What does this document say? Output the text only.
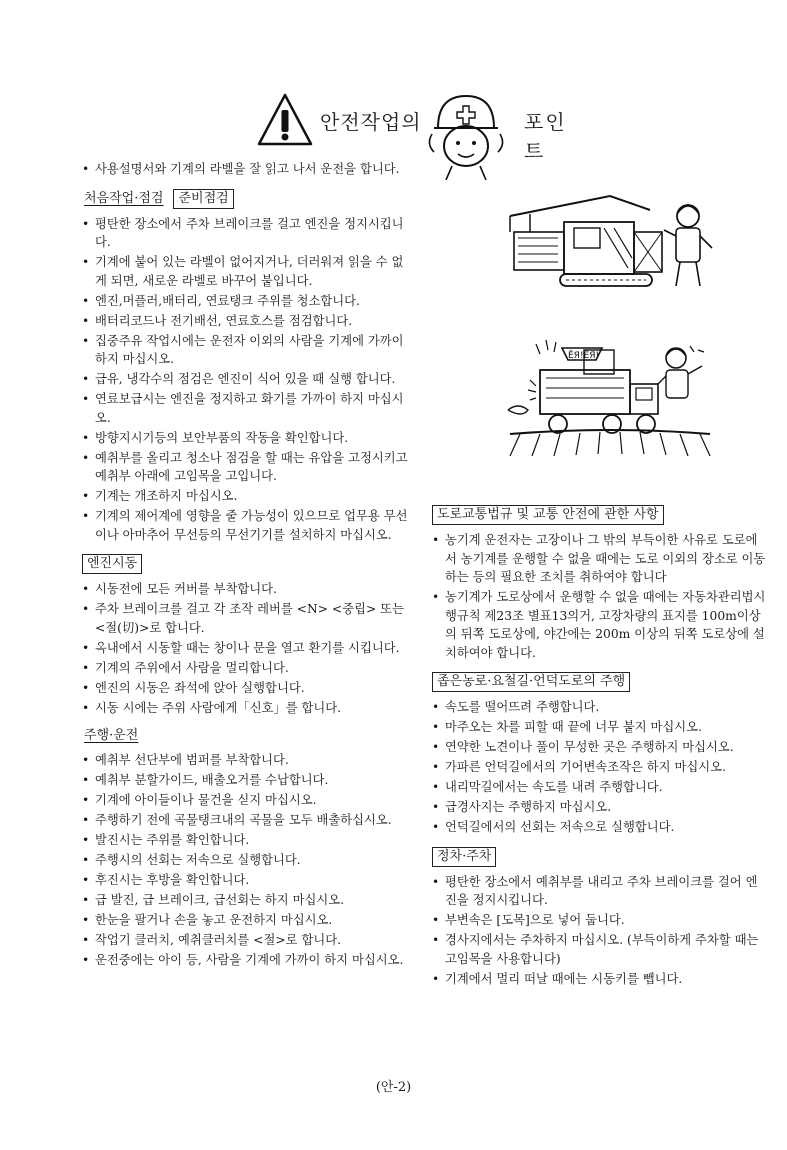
안전작업의	포인트

• 사용설명서와 기계의 라벨을 잘 읽고 나서 운전을 합니다.

처음작업·점검	준비점검

• 평탄한 장소에서 주차 브레이크를 걸고 엔진을 정지시킵니다.

• 기계에 붙어 있는 라벨이 없어지거나, 더러워져 읽을 수 없게 되면, 새로운 라벨로 바꾸어 붙입니다.

• 엔진,머플러,배터리, 연료탱크 주위를 청소합니다.

• 배터리코드나 전기배선, 연료호스를 점검합니다.

• 집중주유 작업시에는 운전자 이외의 사람을 기계에 가까이 하지 마십시오.

• 급유, 냉각수의 점검은 엔진이 식어 있을 때 실행 합니다.

• 연료보급시는 엔진을 정지하고 화기를 가까이 하지 마십시오.

• 방향지시기등의 보안부품의 작동을 확인합니다.

• 예취부를 올리고 청소나 점검을 할 때는 유압을 고정시키고 예취부 아래에 고임목을 고입니다.

• 기계는 개조하지 마십시오.

• 기계의 제어계에 영향을 줄 가능성이 있으므로 업무용 무선이나 아마추어 무선등의 무선기기를 설치하지 마십시오.

엔진시동

• 시동전에 모든 커버를 부착합니다.

• 주차 브레이크를 걸고 각 조작 레버를 <N> <중립> 또는 <절(切)>로 합니다.

• 옥내에서 시동할 때는 창이나 문을 열고 환기를 시킵니다.

• 기계의 주위에서 사람을 멀리합니다.

• 엔진의 시동은 좌석에 앉아 실행합니다.

• 시동 시에는 주위 사람에게「신호」를 합니다.

주행·운전

• 예취부 선단부에 범퍼를 부착합니다.

• 예취부 분할가이드, 배출오거를 수납합니다.

• 기계에 아이들이나 물건을 싣지 마십시오.

• 주행하기 전에 곡물탱크내의 곡물을 모두 배출하십시오.

• 발진시는 주위를 확인합니다.

• 주행시의 선회는 저속으로 실행합니다.

• 후진시는 후방을 확인합니다.

• 급 발진, 급 브레이크, 급선회는 하지 마십시오.

• 한눈을 팔거나 손을 놓고 운전하지 마십시오.

• 작업기 클러치, 예취클러치를 <절>로 합니다.

• 운전중에는 아이 등, 사람을 기계에 가까이 하지 마십시오.

ЁЯ!ЁЯ!
도로교통법규 및 교통 안전에 관한 사항

• 농기계 운전자는 고장이나 그 밖의 부득이한 사유로 도로에서 농기계를 운행할 수 없을 때에는 도로 이외의 장소로 이동하는 등의 필요한 조치를 취하여야 합니다

• 농기계가 도로상에서 운행할 수 없을 때에는 자동차관리법시행규칙 제23조 별표13의거, 고장차량의 표지를 100m이상의 뒤쪽 도로상에, 야간에는 200m 이상의 뒤쪽 도로상에 설치하여야 합니다.

좁은농로·요철길·언덕도로의 주행

• 속도를 떨어뜨려 주행합니다.

• 마주오는 차를 피할 때 끝에 너무 붙지 마십시오.

• 연약한 노견이나 풀이 무성한 곳은 주행하지 마십시오.

• 가파른 언덕길에서의 기어변속조작은 하지 마십시오.

• 내리막길에서는 속도를 내려 주행합니다.

• 급경사지는 주행하지 마십시오.

• 언덕길에서의 선회는 저속으로 실행합니다.

정차·주차

• 평탄한 장소에서 예취부를 내리고 주차 브레이크를 걸어 엔진을 정지시킵니다.

• 부변속은 [도목]으로 넣어 둡니다.

• 경사지에서는 주차하지 마십시오. (부득이하게 주차할 때는 고임목을 사용합니다)

• 기계에서 멀리 떠날 때에는 시동키를 뺍니다.

(안-2)
